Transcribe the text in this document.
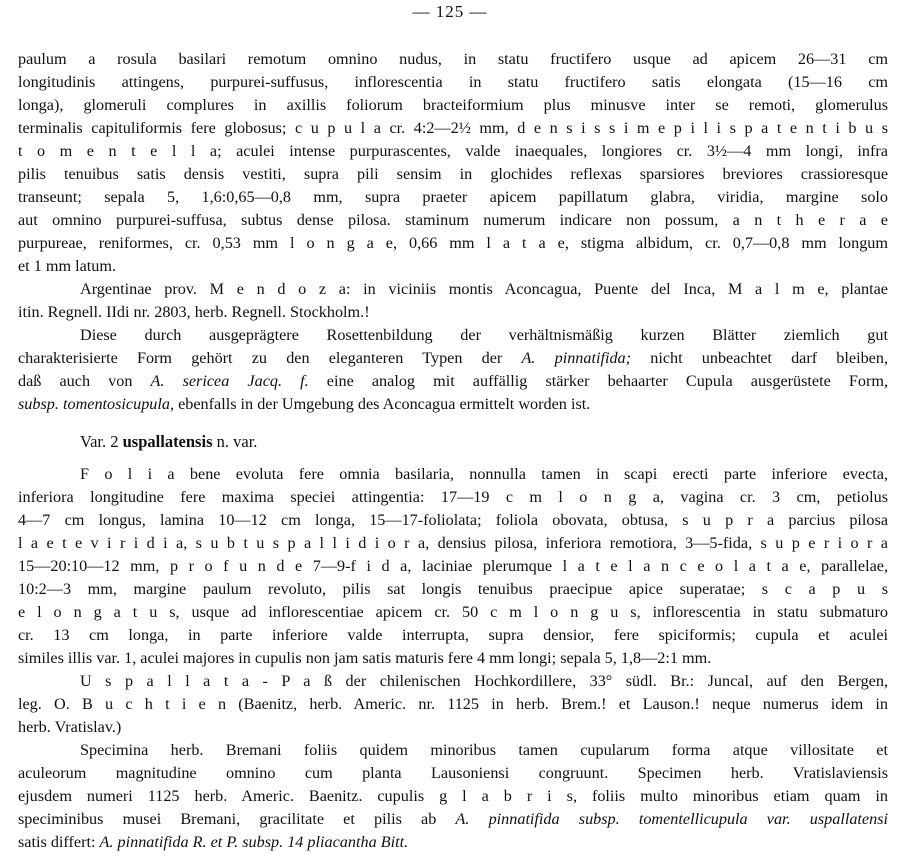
— 125 —
paulum a rosula basilari remotum omnino nudus, in statu fructifero usque ad apicem 26—31 cm
longitudinis attingens, purpurei-suffusus, inflorescentia in statu fructifero satis elongata (15—16 cm
longa), glomeruli complures in axillis foliorum bracteiformium plus minusve inter se remoti, glomerulus
terminalis capituliformis fere globosus; c u p u l a cr. 4:2—2½ mm, d e n s i s s i m e p i l i s p a t e n t i b u s
t o m e n t e l l a; aculei intense purpurascentes, valde inaequales, longiores cr. 3½—4 mm longi, infra
pilis tenuibus satis densis vestiti, supra pili sensim in glochides reflexas sparsiores breviores crassioresque
transeunt; sepala 5, 1,6:0,65—0,8 mm, supra praeter apicem papillatum glabra, viridia, margine solo
aut omnino purpurei-suffusa, subtus dense pilosa. staminum numerum indicare non possum, a n t h e r a e
purpureae, reniformes, cr. 0,53 mm l o n g a e, 0,66 mm l a t a e, stigma albidum, cr. 0,7—0,8 mm longum
et 1 mm latum.
Argentinae prov. M e n d o z a: in viciniis montis Aconcagua, Puente del Inca, M a l m e, plantae
itin. Regnell. IIdi nr. 2803, herb. Regnell. Stockholm.!
Diese durch ausgeprägtere Rosettenbildung der verhältnismäßig kurzen Blätter ziemlich gut
charakterisierte Form gehört zu den eleganteren Typen der A. pinnatifida; nicht unbeachtet darf bleiben,
daß auch von A. sericea Jacq. f. eine analog mit auffällig stärker behaarter Cupula ausgerüstete Form,
subsp. tomentosicupula, ebenfalls in der Umgebung des Aconcagua ermittelt worden ist.
Var. 2 uspallatensis n. var.
F o l i a bene evoluta fere omnia basilaria, nonnulla tamen in scapi erecti parte inferiore evecta,
inferiora longitudine fere maxima speciei attingentia: 17—19 c m l o n g a, vagina cr. 3 cm, petiolus
4—7 cm longus, lamina 10—12 cm longa, 15—17-foliolata; foliola obovata, obtusa, s u p r a parcius pilosa
l a e t e v i r i d i a, s u b t u s p a l l i d i o r a, densius pilosa, inferiora remotiora, 3—5-fida, s u p e r i o r a
15—20:10—12 mm, p r o f u n d e 7—9-f i d a, laciniae plerumque l a t e l a n c e o l a t a e, parallelae,
10:2—3 mm, margine paulum revoluto, pilis sat longis tenuibus praecipue apice superatae; s c a p u s
e l o n g a t u s, usque ad inflorescentiae apicem cr. 50 c m l o n g u s, inflorescentia in statu submaturo
cr. 13 cm longa, in parte inferiore valde interrupta, supra densior, fere spiciformis; cupula et aculei
similes illis var. 1, aculei majores in cupulis non jam satis maturis fere 4 mm longi; sepala 5, 1,8—2:1 mm.
U s p a l l a t a - P a ß der chilenischen Hochkordillere, 33° südl. Br.: Juncal, auf den Bergen,
leg. O. B u c h t i e n (Baenitz, herb. Americ. nr. 1125 in herb. Brem.! et Lauson.! neque numerus idem in
herb. Vratislav.)
Specimina herb. Bremani foliis quidem minoribus tamen cupularum forma atque villositate et
aculeorum magnitudine omnino cum planta Lausoniensi congruunt. Specimen herb. Vratislaviensis
ejusdem numeri 1125 herb. Americ. Baenitz. cupulis g l a b r i s, foliis multo minoribus etiam quam in
speciminibus musei Bremani, gracilitate et pilis ab A. pinnatifida subsp. tomentellicupula var. uspallatensi
satis differt: A. pinnatifida R. et P. subsp. 14 pliacantha Bitt.
